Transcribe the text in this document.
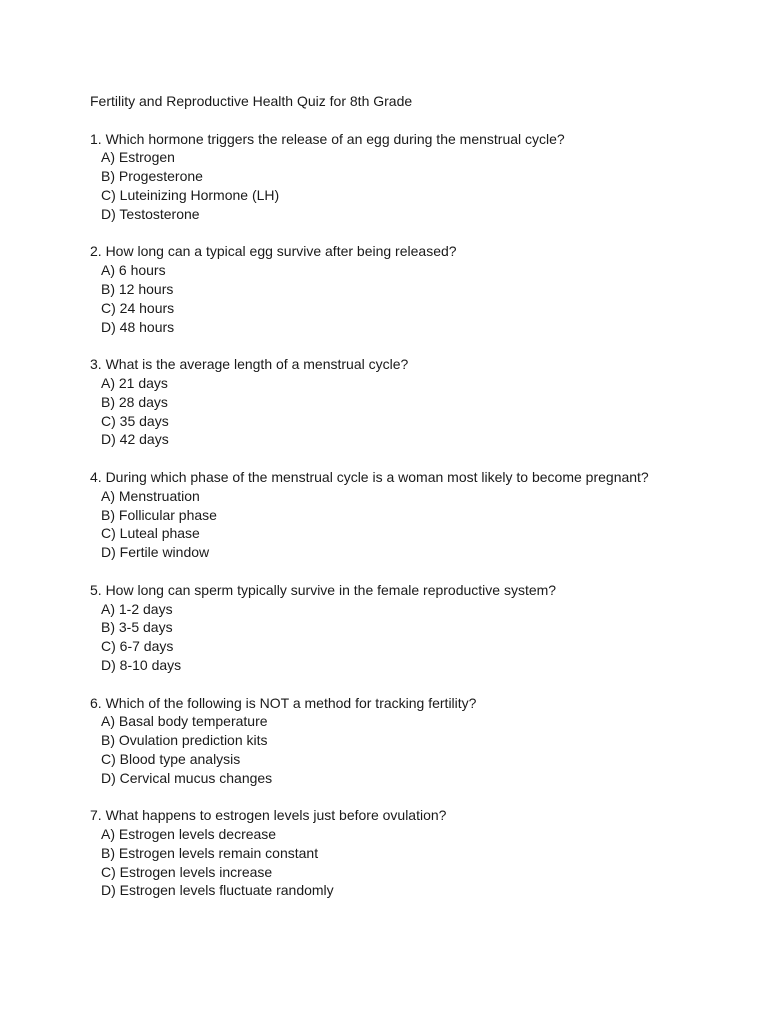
Fertility and Reproductive Health Quiz for 8th Grade
1. Which hormone triggers the release of an egg during the menstrual cycle?
A) Estrogen
B) Progesterone
C) Luteinizing Hormone (LH)
D) Testosterone
2. How long can a typical egg survive after being released?
A) 6 hours
B) 12 hours
C) 24 hours
D) 48 hours
3. What is the average length of a menstrual cycle?
A) 21 days
B) 28 days
C) 35 days
D) 42 days
4. During which phase of the menstrual cycle is a woman most likely to become pregnant?
A) Menstruation
B) Follicular phase
C) Luteal phase
D) Fertile window
5. How long can sperm typically survive in the female reproductive system?
A) 1-2 days
B) 3-5 days
C) 6-7 days
D) 8-10 days
6. Which of the following is NOT a method for tracking fertility?
A) Basal body temperature
B) Ovulation prediction kits
C) Blood type analysis
D) Cervical mucus changes
7. What happens to estrogen levels just before ovulation?
A) Estrogen levels decrease
B) Estrogen levels remain constant
C) Estrogen levels increase
D) Estrogen levels fluctuate randomly
